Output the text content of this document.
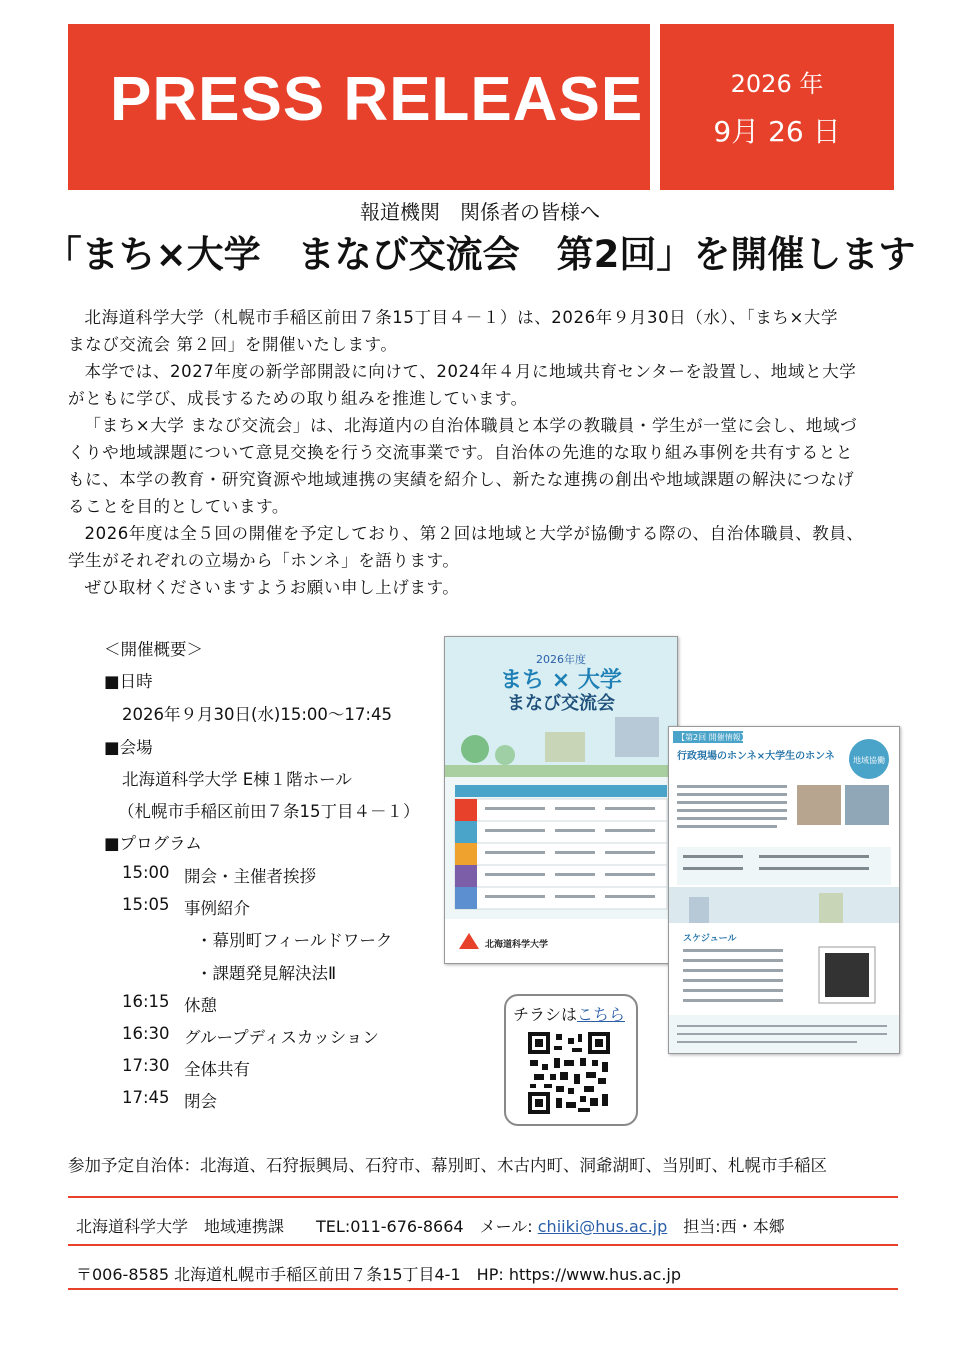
PRESS RELEASE	2026 年
9月 26 日
報道機関　関係者の皆様へ
「まち×大学　まなび交流会　第2回」を開催します

北海道科学大学（札幌市手稲区前田７条15丁目４－１）は、2026年９月30日（水）、「まち×大学　まなび交流会 第２回」を開催いたします。

本学では、2027年度の新学部開設に向けて、2024年４月に地域共育センターを設置し、地域と大学がともに学び、成長するための取り組みを推進しています。

「まち×大学 まなび交流会」は、北海道内の自治体職員と本学の教職員・学生が一堂に会し、地域づくりや地域課題について意見交換を行う交流事業です。自治体の先進的な取り組み事例を共有するとともに、本学の教育・研究資源や地域連携の実績を紹介し、新たな連携の創出や地域課題の解決につなげることを目的としています。

2026年度は全５回の開催を予定しており、第２回は地域と大学が協働する際の、自治体職員、教員、学生がそれぞれの立場から「ホンネ」を語ります。

ぜひ取材くださいますようお願い申し上げます。

＜開催概要＞
■日時
2026年９月30日(水)15:00～17:45
■会場
北海道科学大学 E棟１階ホール
（札幌市手稲区前田７条15丁目４－１）
■プログラム
15:00 開会・主催者挨拶
15:05 事例紹介
・幕別町フィールドワーク
・課題発見解決法Ⅱ
16:15 休憩
16:30 グループディスカッション
17:30 全体共有
17:45 閉会
2026年度
まち × 大学
まなび交流会
北海道科学大学
【第2回 開催情報】
行政現場のホンネ×大学生のホンネ 地域協働
スケジュール
チラシはこちら
参加予定自治体：北海道、石狩振興局、石狩市、幕別町、木古内町、洞爺湖町、当別町、札幌市手稲区
北海道科学大学　地域連携課　　 TEL:011-676-8664　 メール: chiiki@hus.ac.jp　 担当:西・本郷
〒006-8585 北海道札幌市手稲区前田７条15丁目4-1　 HP: https://www.hus.ac.jp
